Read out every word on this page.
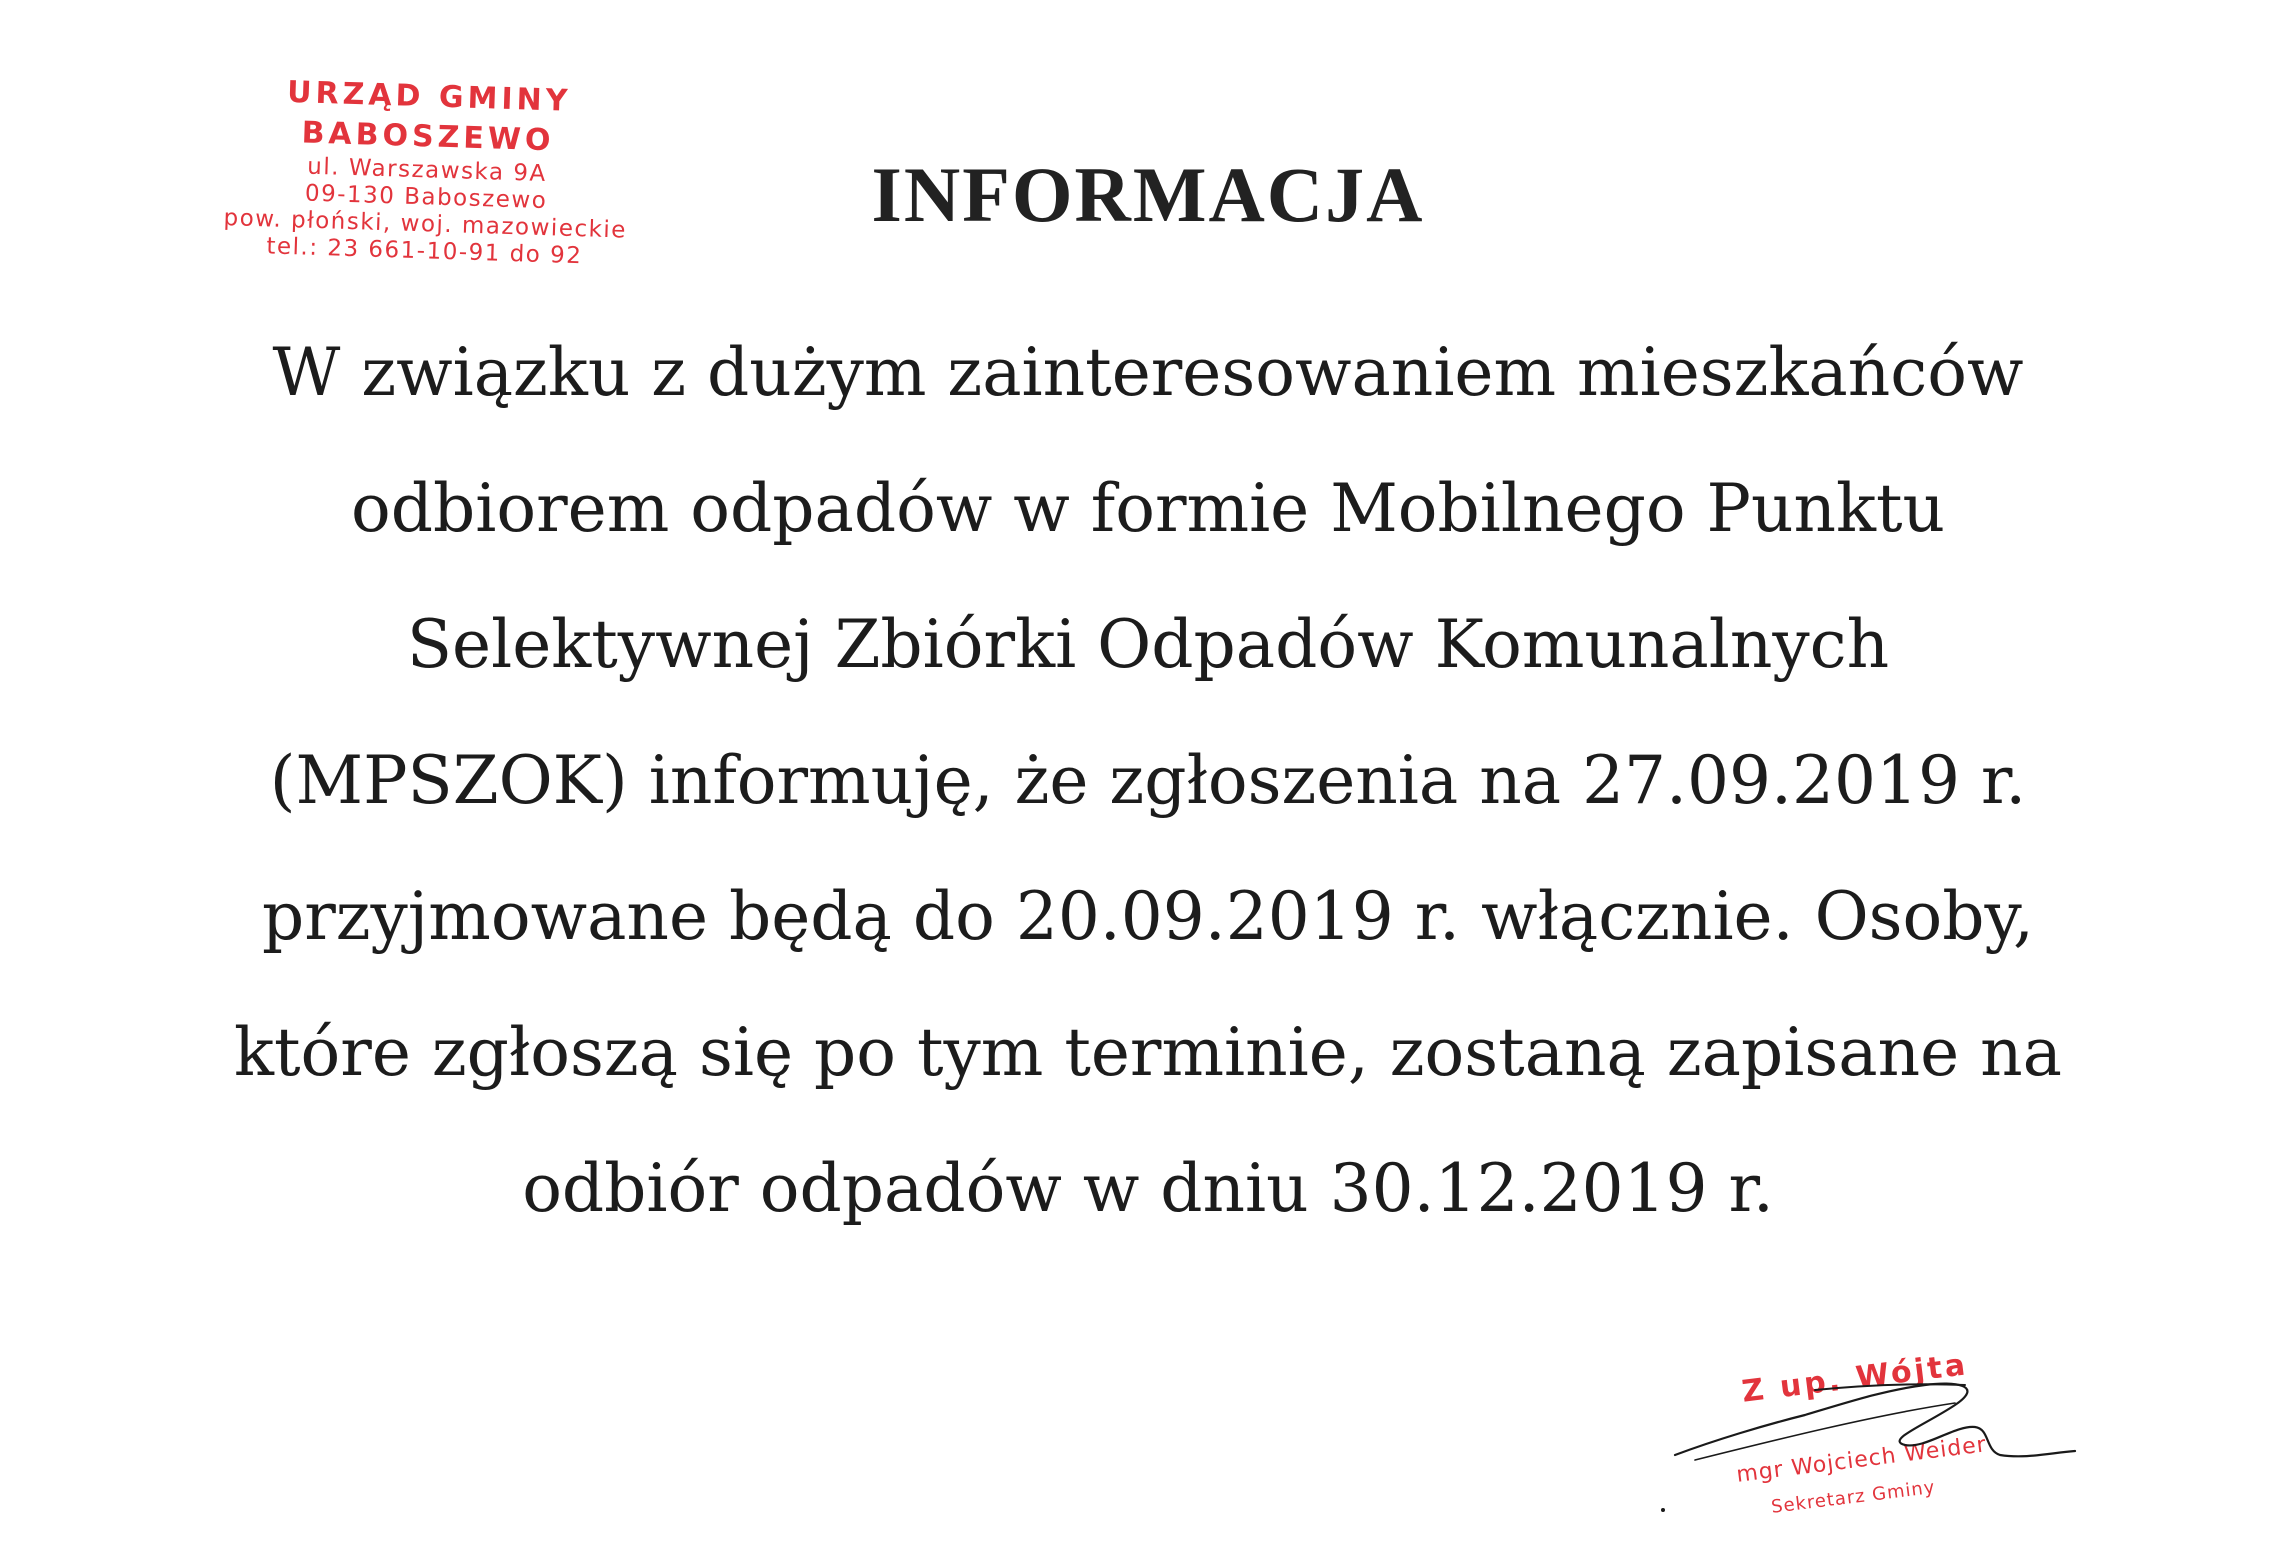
URZĄD GMINY
BABOSZEWO
ul. Warszawska 9A
09-130 Baboszewo
pow. płoński, woj. mazowieckie
tel.: 23 661-10-91 do 92
INFORMACJA
W związku z dużym zainteresowaniem mieszkańców
odbiorem odpadów w formie Mobilnego Punktu
Selektywnej Zbiórki Odpadów Komunalnych
(MPSZOK) informuję, że zgłoszenia na 27.09.2019 r.
przyjmowane będą do 20.09.2019 r. włącznie. Osoby,
które zgłoszą się po tym terminie, zostaną zapisane na
odbiór odpadów w dniu 30.12.2019 r.
Z up. Wójta
mgr Wojciech Weider
Sekretarz Gminy
